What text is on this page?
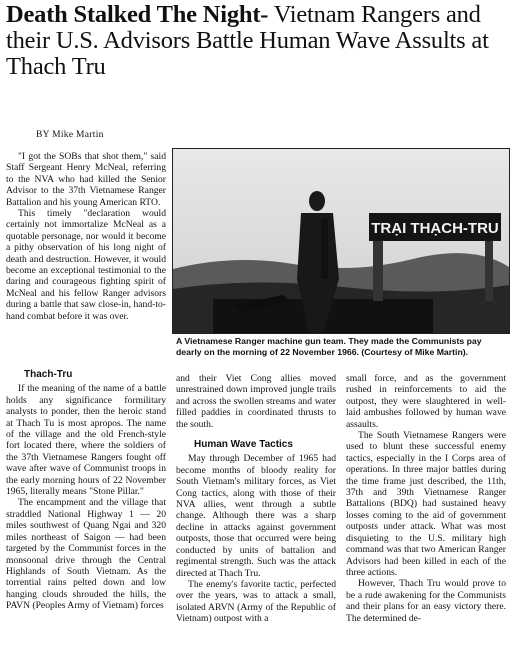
Death Stalked The Night- Vietnam Rangers and their U.S. Advisors Battle Human Wave Assults at Thach Tru
BY Mike Martin

"I got the SOBs that shot them," said Staff Sergeant Henry McNeal, referring to the NVA who had killed the Senior Advisor to the 37th Vietnamese Ranger Battalion and his young American RTO.

This timely "declaration would certainly not immortalize McNeal as a quotable personage, nor would it become a pithy observation of his long night of death and destruction. However, it would become an exceptional testimonial to the daring and courageous fighting spirit of McNeal and his fellow Ranger advisors during a battle that saw close-in, hand-to-hand combat before it was over.

TRẠI THẠCH-TRU

A Vietnamese Ranger machine gun team. They made the Communists pay dearly on the morning of 22 November 1966. (Courtesy of Mike Martin).

Thach-Tru

If the meaning of the name of a battle holds any significance formilitary analysts to ponder, then the heroic stand at Thach Tu is most apropos. The name of the village and the old French-style fort located there, where the soldiers of the 37th Vietnamese Rangers fought off wave after wave of Communist troops in the early morning hours of 22 November 1965, literally means "Stone Pillar."

The encampment and the village that straddled National Highway 1 — 20 miles southwest of Quang Ngai and 320 miles northeast of Saigon — had been targeted by the Communist forces in the monsoonal drive through the Central Highlands of South Vietnam. As the torrential rains pelted down and low hanging clouds shrouded the hills, the PAVN (Peoples Army of Vietnam) forces

and their Viet Cong allies moved unrestrained down improved jungle trails and across the swollen streams and water filled paddies in coordinated thrusts to the south.

Human Wave Tactics

May through December of 1965 had become months of bloody reality for South Vietnam's military forces, as Viet Cong tactics, along with those of their NVA allies, went through a subtle change. Although there was a sharp decline in attacks against government outposts, those that occurred were being conducted by units of battalion and regimental strength. Such was the attack directed at Thach Tru.

The enemy's favorite tactic, perfected over the years, was to attack a small, isolated ARVN (Army of the Republic of Vietnam) outpost with a

small force, and as the government rushed in reinforcements to aid the outpost, they were slaughtered in well-laid ambushes followed by human wave assaults.

The South Vietnamese Rangers were used to blunt these successful enemy tactics, especially in the I Corps area of operations. In three major battles during the time frame just described, the 11th, 37th and 39th Vietnamese Ranger Battalions (BDQ) had sustained heavy losses coming to the aid of government outposts under attack. What was most disquieting to the U.S. military high command was that two American Ranger Advisors had been killed in each of the three actions.

However, Thach Tru would prove to be a rude awakening for the Communists and their plans for an easy victory there. The determined de-
